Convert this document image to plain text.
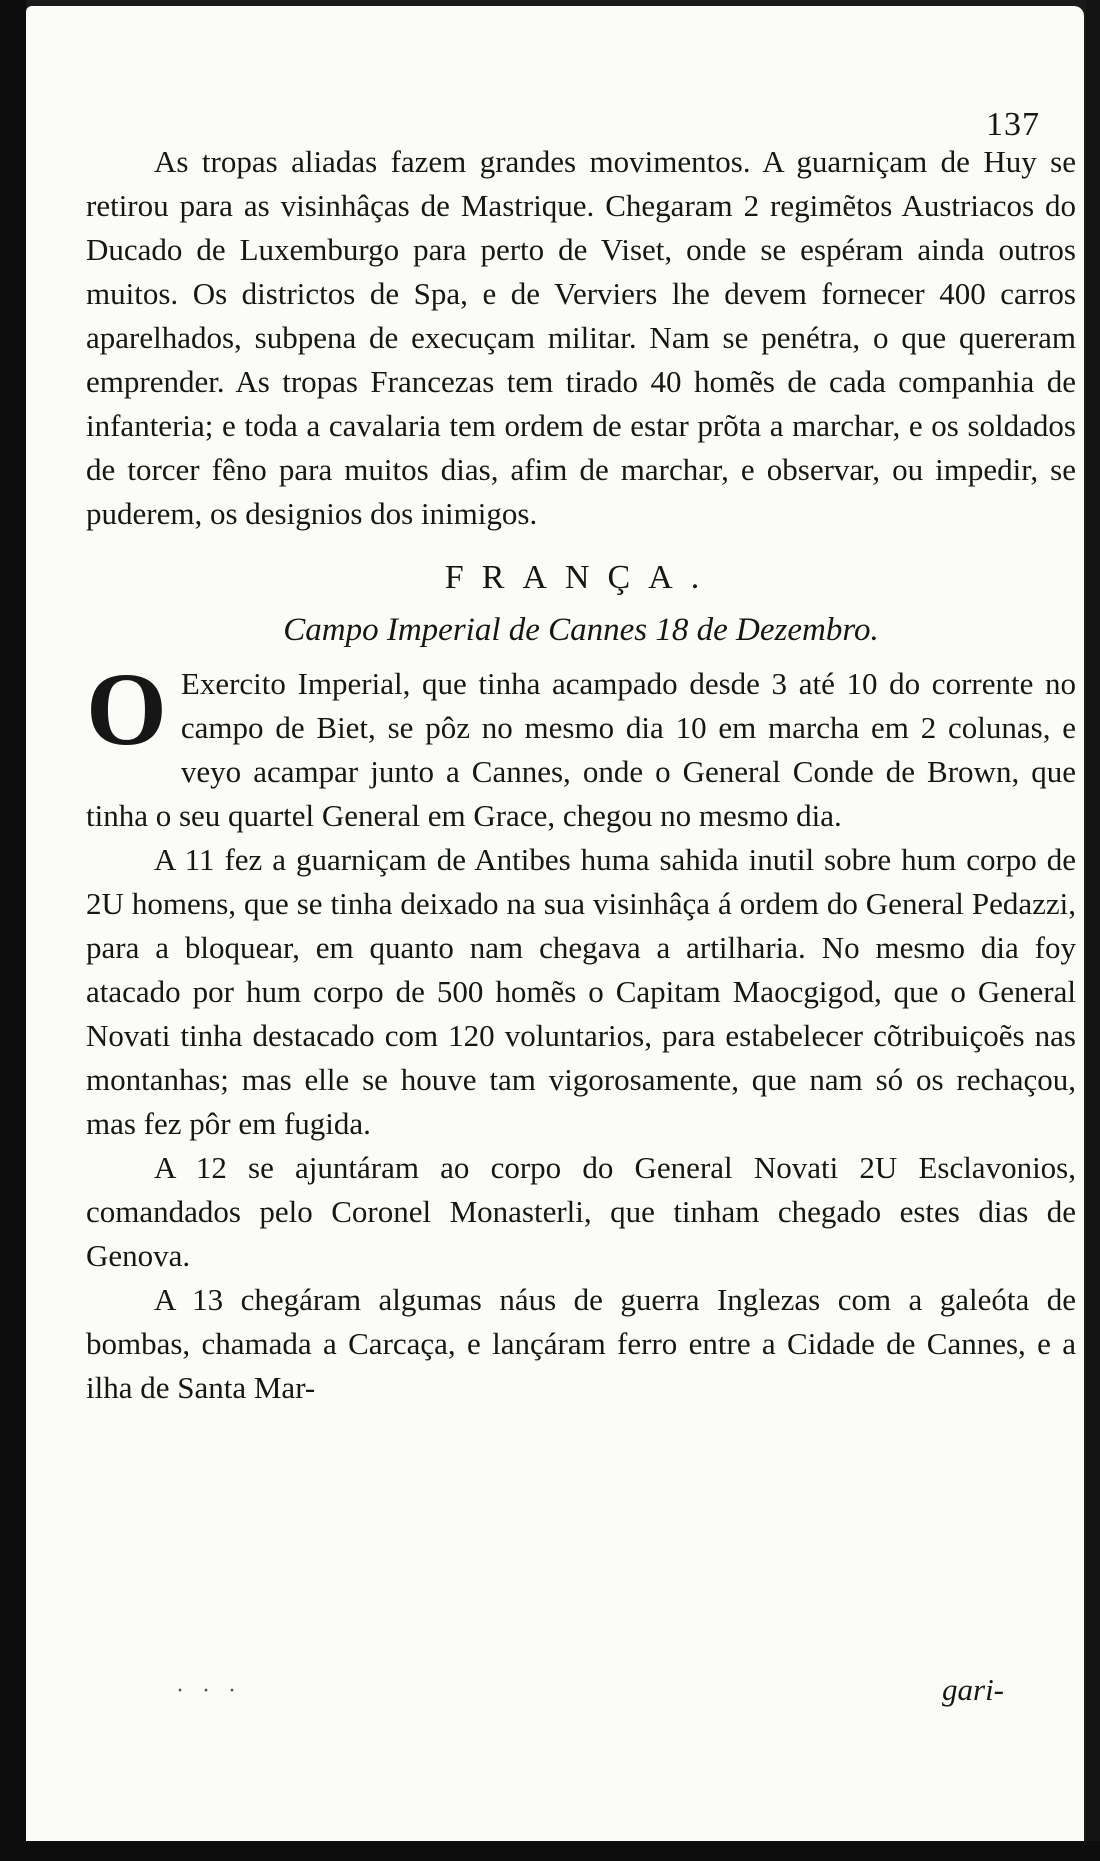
137

As tropas aliadas fazem grandes movimentos. A guarniçam de Huy se retirou para as visinhâças de Mastrique. Chegaram 2 regimẽtos Austriacos do Ducado de Luxemburgo para perto de Viset, onde se espéram ainda outros muitos. Os districtos de Spa, e de Verviers lhe devem fornecer 400 carros aparelhados, subpena de execuçam militar. Nam se penétra, o que quereram emprender. As tropas Francezas tem tirado 40 homẽs de cada companhia de infanteria; e toda a cavalaria tem ordem de estar prõta a marchar, e os soldados de torcer fêno para muitos dias, afim de marchar, e observar, ou impedir, se puderem, os designios dos inimigos.

FRANÇA.
Campo Imperial de Cannes 18 de Dezembro.

O Exercito Imperial, que tinha acampado desde 3 até 10 do corrente no campo de Biet, se pôz no mesmo dia 10 em marcha em 2 colunas, e veyo acampar junto a Cannes, onde o General Conde de Brown, que tinha o seu quartel General em Grace, chegou no mesmo dia.

A 11 fez a guarniçam de Antibes huma sahida inutil sobre hum corpo de 2U homens, que se tinha deixado na sua visinhâça á ordem do General Pedazzi, para a bloquear, em quanto nam chegava a artilharia. No mesmo dia foy atacado por hum corpo de 500 homẽs o Capitam Maocgigod, que o General Novati tinha destacado com 120 voluntarios, para estabelecer cõtribuiçoẽs nas montanhas; mas elle se houve tam vigorosamente, que nam só os rechaçou, mas fez pôr em fugida.

A 12 se ajuntáram ao corpo do General Novati 2U Esclavonios, comandados pelo Coronel Monasterli, que tinham chegado estes dias de Genova.

A 13 chegáram algumas náus de guerra Inglezas com a galeóta de bombas, chamada a Carcaça, e lançáram ferro entre a Cidade de Cannes, e a ilha de Santa Mar-

· · ·	gari-
